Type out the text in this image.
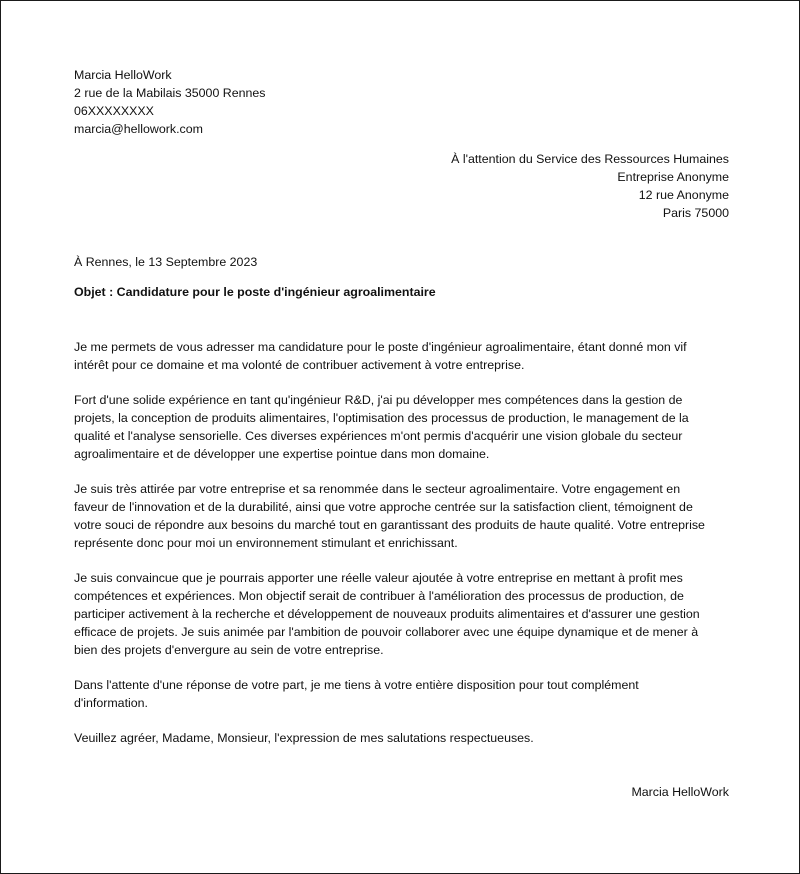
Marcia HelloWork
2 rue de la Mabilais 35000 Rennes
06XXXXXXXX
marcia@hellowork.com
À l'attention du Service des Ressources Humaines
Entreprise Anonyme
12 rue Anonyme
Paris 75000
À Rennes, le 13 Septembre 2023
Objet : Candidature pour le poste d'ingénieur agroalimentaire
Je me permets de vous adresser ma candidature pour le poste d'ingénieur agroalimentaire, étant donné mon vif
intérêt pour ce domaine et ma volonté de contribuer activement à votre entreprise.
Fort d'une solide expérience en tant qu'ingénieur R&D, j'ai pu développer mes compétences dans la gestion de
projets, la conception de produits alimentaires, l'optimisation des processus de production, le management de la
qualité et l'analyse sensorielle. Ces diverses expériences m'ont permis d'acquérir une vision globale du secteur
agroalimentaire et de développer une expertise pointue dans mon domaine.
Je suis très attirée par votre entreprise et sa renommée dans le secteur agroalimentaire. Votre engagement en
faveur de l'innovation et de la durabilité, ainsi que votre approche centrée sur la satisfaction client, témoignent de
votre souci de répondre aux besoins du marché tout en garantissant des produits de haute qualité. Votre entreprise
représente donc pour moi un environnement stimulant et enrichissant.
Je suis convaincue que je pourrais apporter une réelle valeur ajoutée à votre entreprise en mettant à profit mes
compétences et expériences. Mon objectif serait de contribuer à l'amélioration des processus de production, de
participer activement à la recherche et développement de nouveaux produits alimentaires et d'assurer une gestion
efficace de projets. Je suis animée par l'ambition de pouvoir collaborer avec une équipe dynamique et de mener à
bien des projets d'envergure au sein de votre entreprise.
Dans l'attente d'une réponse de votre part, je me tiens à votre entière disposition pour tout complément
d'information.
Veuillez agréer, Madame, Monsieur, l'expression de mes salutations respectueuses.
Marcia HelloWork
